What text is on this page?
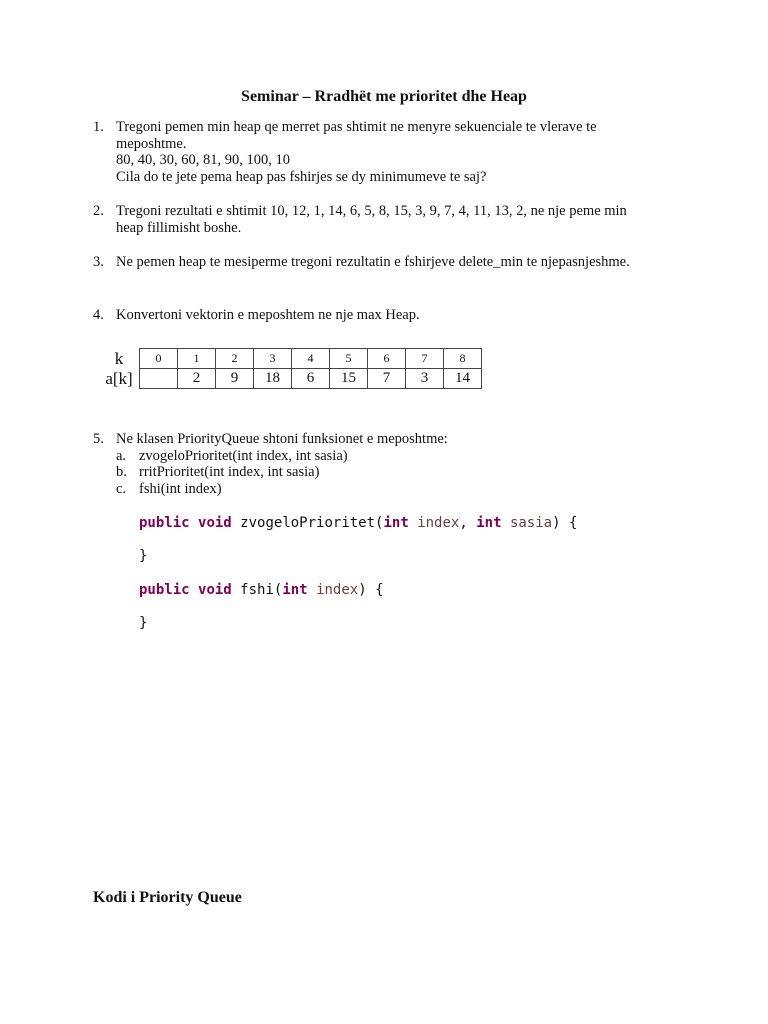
Seminar – Rradhët me prioritet dhe Heap
1. Tregoni pemen min heap qe merret pas shtimit ne menyre sekuenciale te vlerave te
meposhtme.
80, 40, 30, 60, 81, 90, 100, 10
Cila do te jete pema heap pas fshirjes se dy minimumeve te saj?
2. Tregoni rezultati e shtimit 10, 12, 1, 14, 6, 5, 8, 15, 3, 9, 7, 4, 11, 13, 2, ne nje peme min
heap fillimisht boshe.
3. Ne pemen heap te mesiperme tregoni rezultatin e fshirjeve delete_min te njepasnjeshme.
4. Konvertoni vektorin e meposhtem ne nje max Heap.
k	0	1	2	3	4	5	6	7	8
a[k]		2	9	18	6	15	7	3	14
5. Ne klasen PriorityQueue shtoni funksionet e meposhtme:
a. zvogeloPrioritet(int index, int sasia)
b. rritPrioritet(int index, int sasia)
c. fshi(int index)
public void zvogeloPrioritet(int index, int sasia) {
}
public void fshi(int index) {
}
Kodi i Priority Queue
